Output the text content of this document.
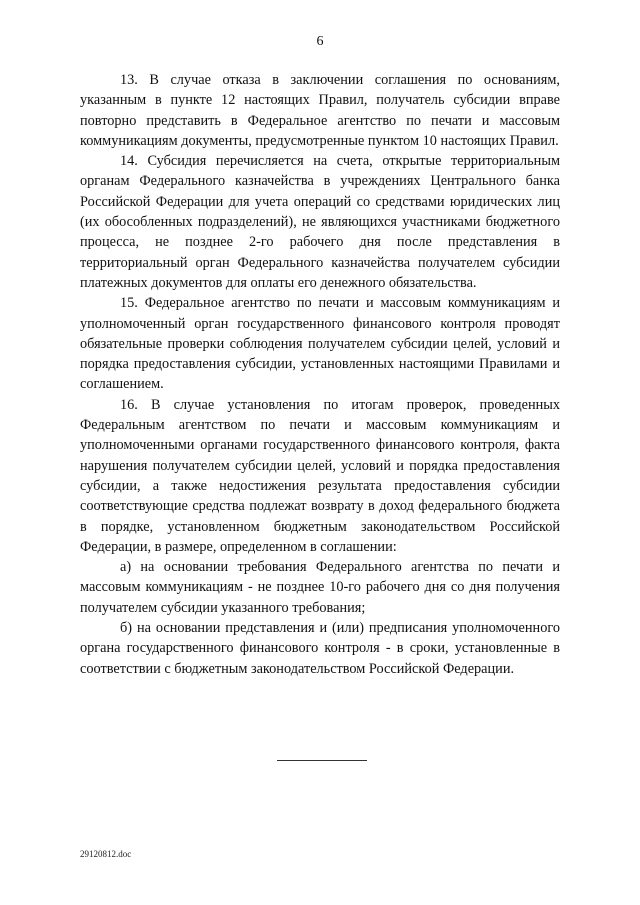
6

13. В случае отказа в заключении соглашения по основаниям, указанным в пункте 12 настоящих Правил, получатель субсидии вправе повторно представить в Федеральное агентство по печати и массовым коммуникациям документы, предусмотренные пунктом 10 настоящих Правил.

14. Субсидия перечисляется на счета, открытые территориальным органам Федерального казначейства в учреждениях Центрального банка Российской Федерации для учета операций со средствами юридических лиц (их обособленных подразделений), не являющихся участниками бюджетного процесса, не позднее 2-го рабочего дня после представления в территориальный орган Федерального казначейства получателем субсидии платежных документов для оплаты его денежного обязательства.

15. Федеральное агентство по печати и массовым коммуникациям и уполномоченный орган государственного финансового контроля проводят обязательные проверки соблюдения получателем субсидии целей, условий и порядка предоставления субсидии, установленных настоящими Правилами и соглашением.

16. В случае установления по итогам проверок, проведенных Федеральным агентством по печати и массовым коммуникациям и уполномоченными органами государственного финансового контроля, факта нарушения получателем субсидии целей, условий и порядка предоставления субсидии, а также недостижения результата предоставления субсидии соответствующие средства подлежат возврату в доход федерального бюджета в порядке, установленном бюджетным законодательством Российской Федерации, в размере, определенном в соглашении:

а) на основании требования Федерального агентства по печати и массовым коммуникациям - не позднее 10-го рабочего дня со дня получения получателем субсидии указанного требования;

б) на основании представления и (или) предписания уполномоченного органа государственного финансового контроля - в сроки, установленные в соответствии с бюджетным законодательством Российской Федерации.

29120812.doc
